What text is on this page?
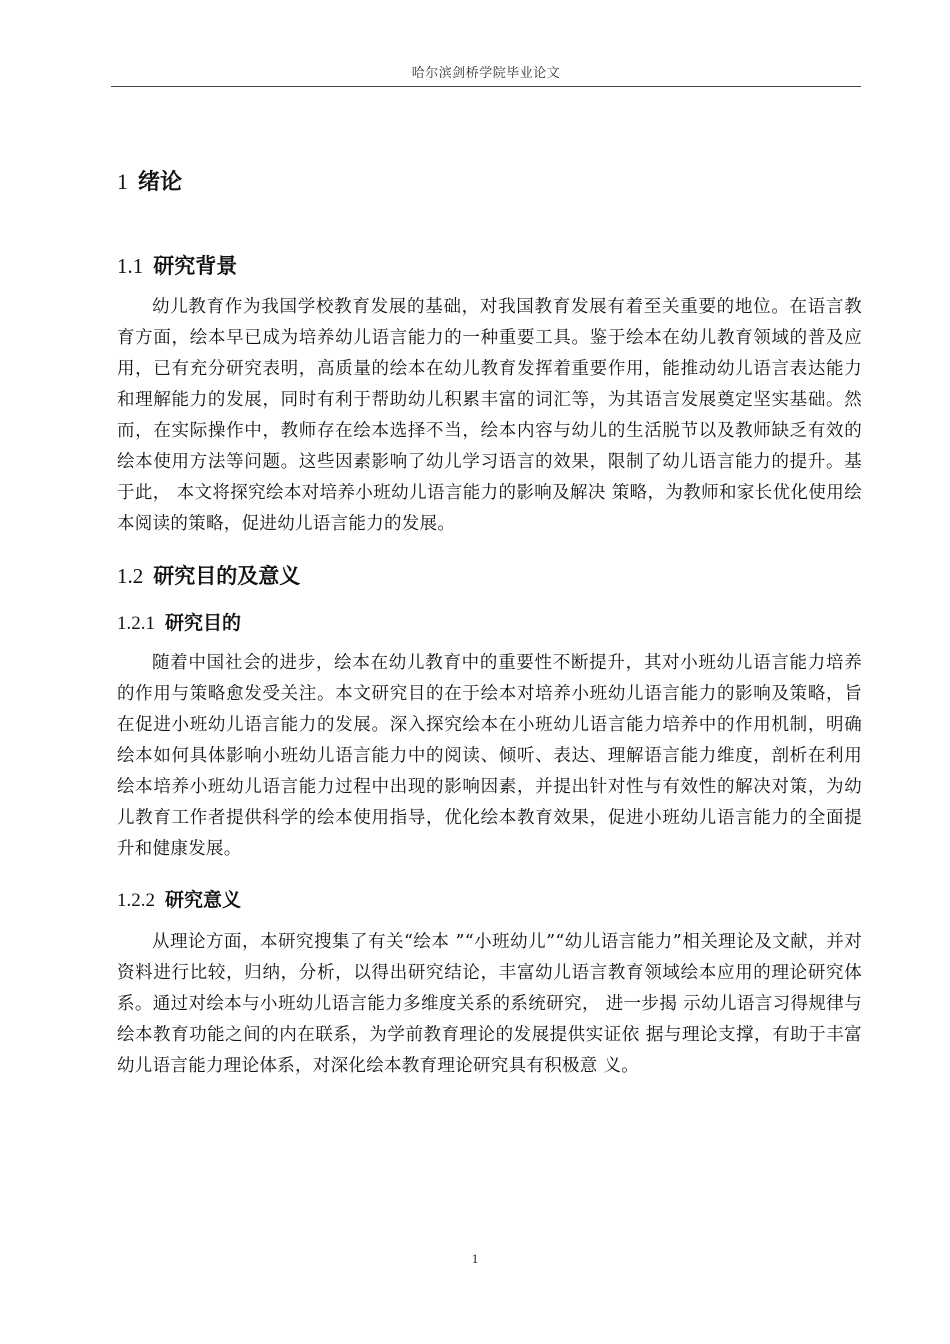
哈尔滨剑桥学院毕业论文
1 绪论
1.1 研究背景
幼儿教育作为我国学校教育发展的基础，对我国教育发展有着至关重要的地位。在语言教育方面，绘本早已成为培养幼儿语言能力的一种重要工具。鉴于绘本在幼儿教育领域的普及应用，已有充分研究表明，高质量的绘本在幼儿教育发挥着重要作用，能推动幼儿语言表达能力和理解能力的发展，同时有利于帮助幼儿积累丰富的词汇等，为其语言发展奠定坚实基础。然而，在实际操作中，教师存在绘本选择不当，绘本内容与幼儿的生活脱节以及教师缺乏有效的绘本使用方法等问题。这些因素影响了幼儿学习语言的效果，限制了幼儿语言能力的提升。基于此， 本文将探究绘本对培养小班幼儿语言能力的影响及解决 策略，为教师和家长优化使用绘本阅读的策略，促进幼儿语言能力的发展。
1.2 研究目的及意义
1.2.1 研究目的
随着中国社会的进步，绘本在幼儿教育中的重要性不断提升，其对小班幼儿语言能力培养的作用与策略愈发受关注。本文研究目的在于绘本对培养小班幼儿语言能力的影响及策略，旨在促进小班幼儿语言能力的发展。深入探究绘本在小班幼儿语言能力培养中的作用机制，明确绘本如何具体影响小班幼儿语言能力中的阅读、倾听、表达、理解语言能力维度，剖析在利用绘本培养小班幼儿语言能力过程中出现的影响因素，并提出针对性与有效性的解决对策，为幼儿教育工作者提供科学的绘本使用指导，优化绘本教育效果，促进小班幼儿语言能力的全面提升和健康发展。
1.2.2 研究意义
从理论方面，本研究搜集了有关“绘本 ”“小班幼儿”“幼儿语言能力”相关理论及文献，并对资料进行比较，归纳，分析，以得出研究结论，丰富幼儿语言教育领域绘本应用的理论研究体系。通过对绘本与小班幼儿语言能力多维度关系的系统研究， 进一步揭 示幼儿语言习得规律与绘本教育功能之间的内在联系，为学前教育理论的发展提供实证依 据与理论支撑，有助于丰富幼儿语言能力理论体系，对深化绘本教育理论研究具有积极意 义。
1
